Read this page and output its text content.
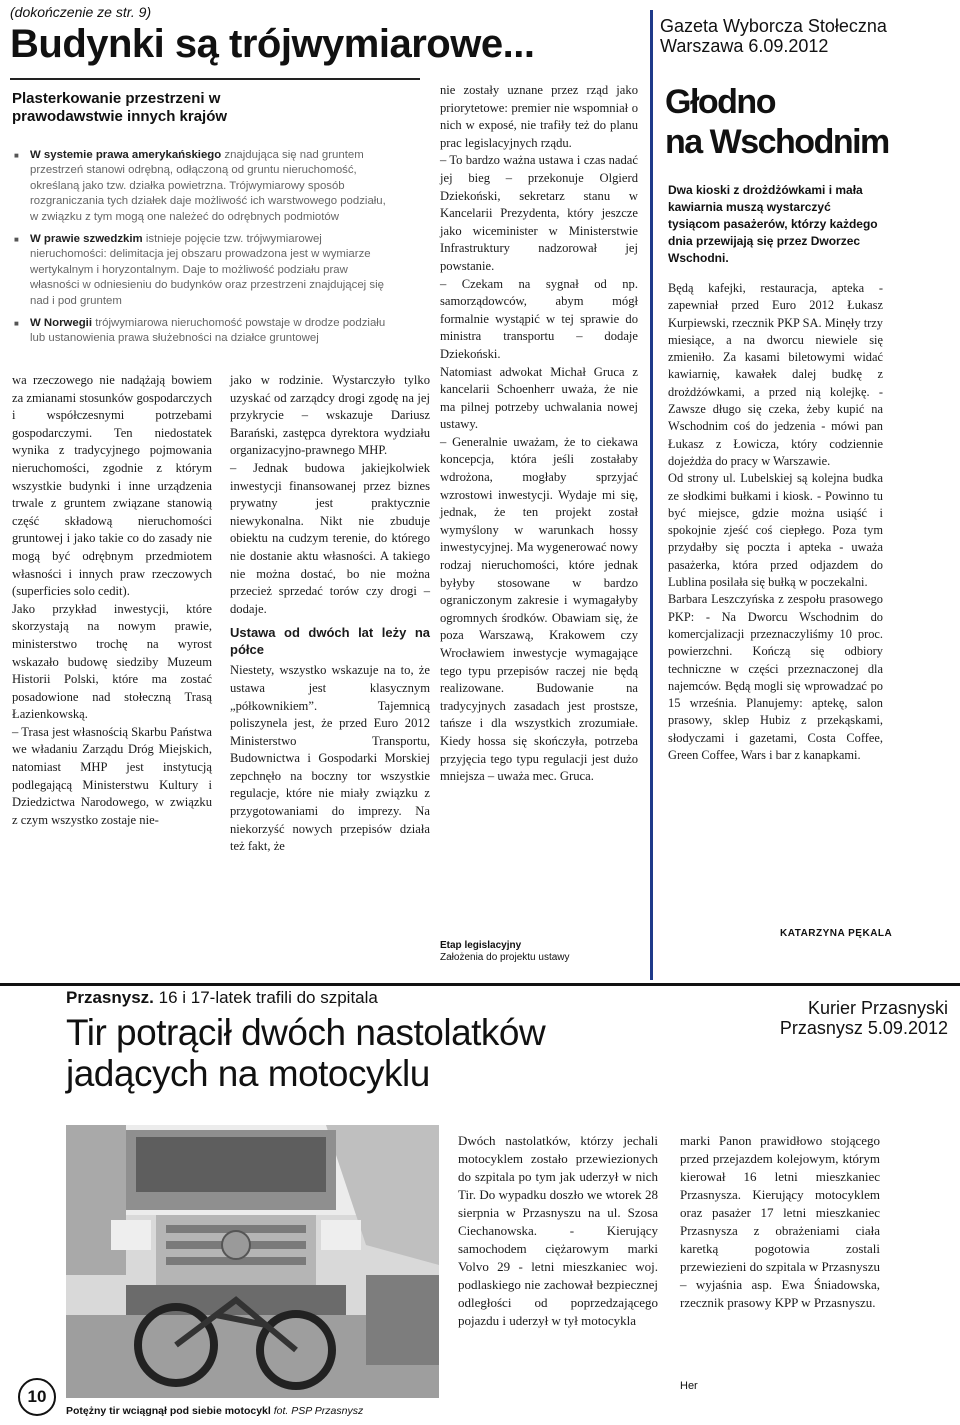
(dokończenie ze str. 9)
Budynki są trójwymiarowe...	Gazeta Wyborcza Stołeczna
Warszawa 6.09.2012
Plasterkowanie przestrzeni w prawodawstwie innych krajów

■ W systemie prawa amerykańskiego znajdująca się nad gruntem przestrzeń stanowi odrębną, odłączoną od gruntu nieruchomość, określaną jako tzw. działka powietrzna. Trójwymiarowy sposób rozgraniczania tych działek daje możliwość ich warstwowego podziału, w związku z tym mogą one należeć do odrębnych podmiotów

■ W prawie szwedzkim istnieje pojęcie tzw. trójwymiarowej nieruchomości: delimitacja jej obszaru prowadzona jest w wymiarze wertykalnym i horyzontalnym. Daje to możliwość podziału praw własności w odniesieniu do budynków oraz przestrzeni znajdującej się nad i pod gruntem

■ W Norwegii trójwymiarowa nieruchomość powstaje w drodze podziału lub ustanowienia prawa służebności na działce gruntowej

wa rzeczowego nie nadążają bowiem za zmianami stosunków gospodarczych i współczesnymi potrzebami gospodarczymi. Ten niedostatek wynika z tradycyjnego pojmowania nieruchomości, zgodnie z którym wszystkie budynki i inne urządzenia trwale z gruntem związane stanowią część składową nieruchomości gruntowej i jako takie co do zasady nie mogą być odrębnym przedmiotem własności i innych praw rzeczowych (superficies solo cedit).

Jako przykład inwestycji, które skorzystają na nowym prawie, ministerstwo trochę na wyrost wskazało budowę siedziby Muzeum Historii Polski, które ma zostać posadowione nad stołeczną Trasą Łazienkowską.

– Trasa jest własnością Skarbu Państwa we władaniu Zarządu Dróg Miejskich, natomiast MHP jest instytucją podlegającą Ministerstwu Kultury i Dziedzictwa Narodowego, w związku z czym wszystko zostaje nie-

jako w rodzinie. Wystarczyło tylko uzyskać od zarządcy drogi zgodę na jej przykrycie – wskazuje Dariusz Barański, zastępca dyrektora wydziału organizacyjno-prawnego MHP.

– Jednak budowa jakiejkolwiek inwestycji finansowanej przez biznes prywatny jest praktycznie niewykonalna. Nikt nie zbuduje obiektu na cudzym terenie, do którego nie dostanie aktu własności. A takiego nie można dostać, bo nie można przecież sprzedać torów czy drogi – dodaje.

Ustawa od dwóch lat leży na półce

Niestety, wszystko wskazuje na to, że ustawa jest klasycznym „półkownikiem”. Tajemnicą poliszynela jest, że przed Euro 2012 Ministerstwo Transportu, Budownictwa i Gospodarki Morskiej zepchnęło na boczny tor wszystkie regulacje, które nie miały związku z przygotowaniami do imprezy. Na niekorzyść nowych przepisów działa też fakt, że

nie zostały uznane przez rząd jako priorytetowe: premier nie wspomniał o nich w exposé, nie trafiły też do planu prac legislacyjnych rządu.

– To bardzo ważna ustawa i czas nadać jej bieg – przekonuje Olgierd Dziekoński, sekretarz stanu w Kancelarii Prezydenta, który jeszcze jako wiceminister w Ministerstwie Infrastruktury nadzorował jej powstanie.

– Czekam na sygnał od np. samorządowców, abym mógł formalnie wystąpić w tej sprawie do ministra transportu – dodaje Dziekoński.

Natomiast adwokat Michał Gruca z kancelarii Schoenherr uważa, że nie ma pilnej potrzeby uchwalania nowej ustawy.

– Generalnie uważam, że to ciekawa koncepcja, która jeśli zostałaby wdrożona, mogłaby sprzyjać wzrostowi inwestycji. Wydaje mi się, jednak, że ten projekt został wymyślony w warunkach hossy inwestycyjnej. Ma wygenerować nowy rodzaj nieruchomości, które jednak byłyby stosowane w bardzo ograniczonym zakresie i wymagałyby ogromnych środków. Obawiam się, że poza Warszawą, Krakowem czy Wrocławiem inwestycje wymagające tego typu przepisów raczej nie będą realizowane. Budowanie na tradycyjnych zasadach jest prostsze, tańsze i dla wszystkich zrozumiałe. Kiedy hossa się skończyła, potrzeba przyjęcia tego typu regulacji jest dużo mniejsza – uważa mec. Gruca.

Etap legislacyjny
Założenia do projektu ustawy
Głodno
na Wschodnim
Dwa kioski z drożdżówkami i mała kawiarnia muszą wystarczyć tysiącom pasażerów, którzy każdego dnia przewijają się przez Dworzec Wschodni.

Będą kafejki, restauracja, apteka - zapewniał przed Euro 2012 Łukasz Kurpiewski, rzecznik PKP SA. Minęły trzy miesiące, a na dworcu niewiele się zmieniło. Za kasami biletowymi widać kawiarnię, kawałek dalej budkę z drożdżówkami, a przed nią kolejkę. - Zawsze długo się czeka, żeby kupić na Wschodnim coś do jedzenia - mówi pan Łukasz z Łowicza, który codziennie dojeżdża do pracy w Warszawie.

Od strony ul. Lubelskiej są kolejna budka ze słodkimi bułkami i kiosk. - Powinno tu być miejsce, gdzie można usiąść i spokojnie zjeść coś ciepłego. Poza tym przydałby się poczta i apteka - uważa pasażerka, która przed odjazdem do Lublina posilała się bułką w poczekalni.

Barbara Leszczyńska z zespołu prasowego PKP: - Na Dworcu Wschodnim do komercjalizacji przeznaczyliśmy 10 proc. powierzchni. Kończą się odbiory techniczne w części przeznaczonej dla najemców. Będą mogli się wprowadzać po 15 września. Planujemy: aptekę, salon prasowy, sklep Hubiz z przekąskami, słodyczami i gazetami, Costa Coffee, Green Coffee, Wars i bar z kanapkami.

KATARZYNA PĘKALA
Kurier Przasnyski
Przasnysz 5.09.2012
Przasnysz. 16 i 17-latek trafili do szpitala
Tir potrącił dwóch nastolatków jadących na motocyklu
Potężny tir wciągnął pod siebie motocykl fot. PSP Przasnysz
Dwóch nastolatków, którzy jechali motocyklem zostało przewiezionych do szpitala po tym jak uderzył w nich Tir. Do wypadku doszło we wtorek 28 sierpnia w Przasnyszu na ul. Szosa Ciechanowska. - Kierujący samochodem ciężarowym marki Volvo 29 - letni mieszkaniec woj. podlaskiego nie zachował bezpiecznej odległości od poprzedzającego pojazdu i uderzył w tył motocykla
marki Panon prawidłowo stojącego przed przejazdem kolejowym, którym kierował 16 letni mieszkaniec Przasnysza. Kierujący motocyklem oraz pasażer 17 letni mieszkaniec Przasnysza z obrażeniami ciała karetką pogotowia zostali przewiezieni do szpitala w Przasnyszu – wyjaśnia asp. Ewa Śniadowska, rzecznik prasowy KPP w Przasnyszu.
Her
10
